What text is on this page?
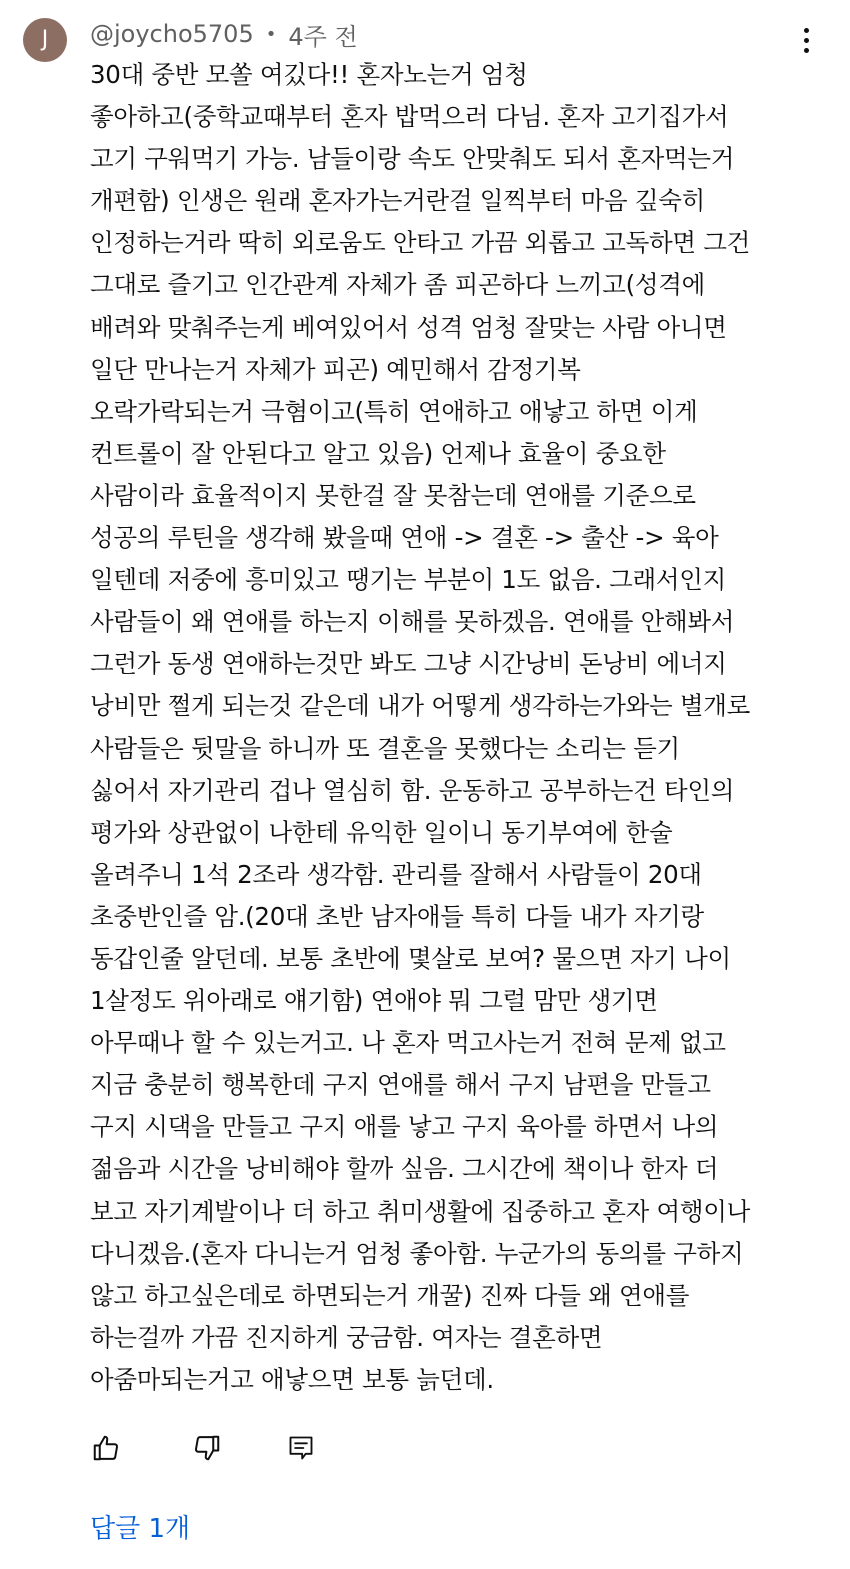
J	@joycho5705 • 4주 전
30대 중반 모쏠 여깄다!! 혼자노는거 엄청
좋아하고(중학교때부터 혼자 밥먹으러 다님. 혼자 고기집가서
고기 구워먹기 가능. 남들이랑 속도 안맞춰도 되서 혼자먹는거
개편함) 인생은 원래 혼자가는거란걸 일찍부터 마음 깊숙히
인정하는거라 딱히 외로움도 안타고 가끔 외롭고 고독하면 그건
그대로 즐기고 인간관계 자체가 좀 피곤하다 느끼고(성격에
배려와 맞춰주는게 베여있어서 성격 엄청 잘맞는 사람 아니면
일단 만나는거 자체가 피곤) 예민해서 감정기복
오락가락되는거 극혐이고(특히 연애하고 애낳고 하면 이게
컨트롤이 잘 안된다고 알고 있음) 언제나 효율이 중요한
사람이라 효율적이지 못한걸 잘 못참는데 연애를 기준으로
성공의 루틴을 생각해 봤을때 연애 -> 결혼 -> 출산 -> 육아
일텐데 저중에 흥미있고 땡기는 부분이 1도 없음. 그래서인지
사람들이 왜 연애를 하는지 이해를 못하겠음. 연애를 안해봐서
그런가 동생 연애하는것만 봐도 그냥 시간낭비 돈낭비 에너지
낭비만 쩔게 되는것 같은데 내가 어떻게 생각하는가와는 별개로
사람들은 뒷말을 하니까 또 결혼을 못했다는 소리는 듣기
싫어서 자기관리 겁나 열심히 함. 운동하고 공부하는건 타인의
평가와 상관없이 나한테 유익한 일이니 동기부여에 한술
올려주니 1석 2조라 생각함. 관리를 잘해서 사람들이 20대
초중반인즐 암.(20대 초반 남자애들 특히 다들 내가 자기랑
동갑인줄 알던데. 보통 초반에 몇살로 보여? 물으면 자기 나이
1살정도 위아래로 얘기함) 연애야 뭐 그럴 맘만 생기면
아무때나 할 수 있는거고. 나 혼자 먹고사는거 전혀 문제 없고
지금 충분히 행복한데 구지 연애를 해서 구지 남편을 만들고
구지 시댁을 만들고 구지 애를 낳고 구지 육아를 하면서 나의
젊음과 시간을 낭비해야 할까 싶음. 그시간에 책이나 한자 더
보고 자기계발이나 더 하고 취미생활에 집중하고 혼자 여행이나
다니겠음.(혼자 다니는거 엄청 좋아함. 누군가의 동의를 구하지
않고 하고싶은데로 하면되는거 개꿀) 진짜 다들 왜 연애를
하는걸까 가끔 진지하게 궁금함. 여자는 결혼하면
아줌마되는거고 애낳으면 보통 늙던데.
답글 1개
